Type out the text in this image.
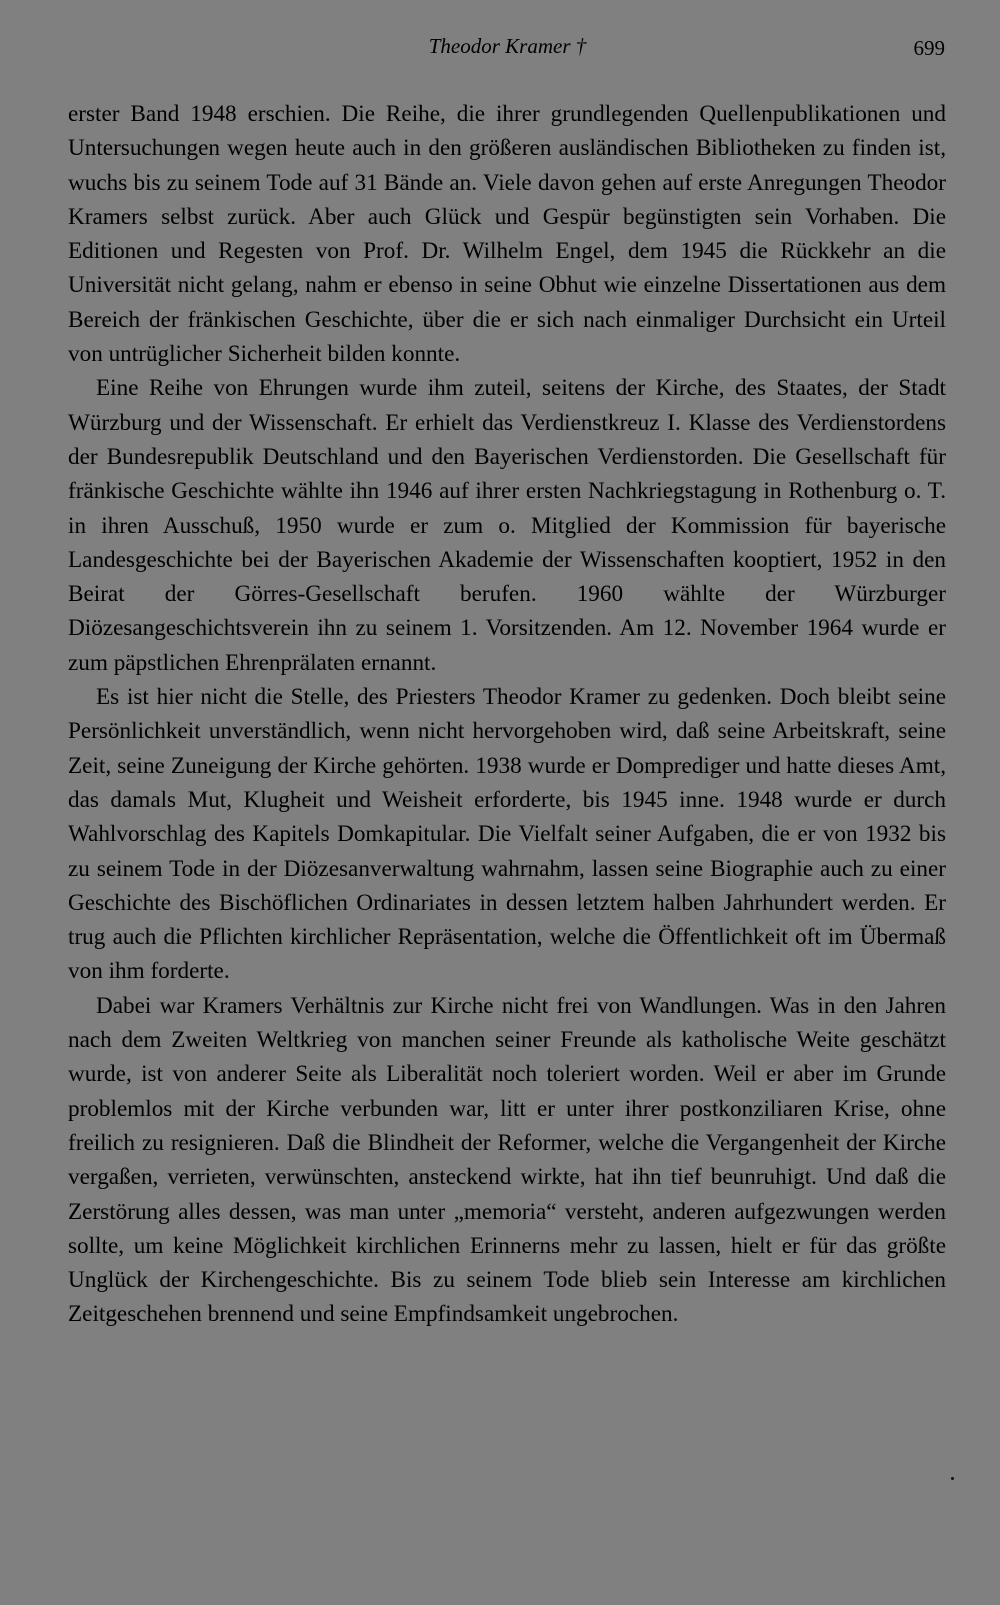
Theodor Kramer †	699

erster Band 1948 erschien. Die Reihe, die ihrer grundlegenden Quellenpublikationen und Untersuchungen wegen heute auch in den größeren ausländischen Bibliotheken zu finden ist, wuchs bis zu seinem Tode auf 31 Bände an. Viele davon gehen auf erste Anregungen Theodor Kramers selbst zurück. Aber auch Glück und Gespür begünstigten sein Vorhaben. Die Editionen und Regesten von Prof. Dr. Wilhelm Engel, dem 1945 die Rückkehr an die Universität nicht gelang, nahm er ebenso in seine Obhut wie einzelne Dissertationen aus dem Bereich der fränkischen Geschichte, über die er sich nach einmaliger Durchsicht ein Urteil von untrüglicher Sicherheit bilden konnte.

Eine Reihe von Ehrungen wurde ihm zuteil, seitens der Kirche, des Staates, der Stadt Würzburg und der Wissenschaft. Er erhielt das Verdienstkreuz I. Klasse des Verdienstordens der Bundesrepublik Deutschland und den Bayerischen Verdienstorden. Die Gesellschaft für fränkische Geschichte wählte ihn 1946 auf ihrer ersten Nachkriegstagung in Rothenburg o. T. in ihren Ausschuß, 1950 wurde er zum o. Mitglied der Kommission für bayerische Landesgeschichte bei der Bayerischen Akademie der Wissenschaften kooptiert, 1952 in den Beirat der Görres-Gesellschaft berufen. 1960 wählte der Würzburger Diözesangeschichtsverein ihn zu seinem 1. Vorsitzenden. Am 12. November 1964 wurde er zum päpstlichen Ehrenprälaten ernannt.

Es ist hier nicht die Stelle, des Priesters Theodor Kramer zu gedenken. Doch bleibt seine Persönlichkeit unverständlich, wenn nicht hervorgehoben wird, daß seine Arbeitskraft, seine Zeit, seine Zuneigung der Kirche gehörten. 1938 wurde er Domprediger und hatte dieses Amt, das damals Mut, Klugheit und Weisheit erforderte, bis 1945 inne. 1948 wurde er durch Wahlvorschlag des Kapitels Domkapitular. Die Vielfalt seiner Aufgaben, die er von 1932 bis zu seinem Tode in der Diözesanverwaltung wahrnahm, lassen seine Biographie auch zu einer Geschichte des Bischöflichen Ordinariates in dessen letztem halben Jahrhundert werden. Er trug auch die Pflichten kirchlicher Repräsentation, welche die Öffentlichkeit oft im Übermaß von ihm forderte.

Dabei war Kramers Verhältnis zur Kirche nicht frei von Wandlungen. Was in den Jahren nach dem Zweiten Weltkrieg von manchen seiner Freunde als katholische Weite geschätzt wurde, ist von anderer Seite als Liberalität noch toleriert worden. Weil er aber im Grunde problemlos mit der Kirche verbunden war, litt er unter ihrer postkonziliaren Krise, ohne freilich zu resignieren. Daß die Blindheit der Reformer, welche die Vergangenheit der Kirche vergaßen, verrieten, verwünschten, ansteckend wirkte, hat ihn tief beunruhigt. Und daß die Zerstörung alles dessen, was man unter „memoria“ versteht, anderen aufgezwungen werden sollte, um keine Möglichkeit kirchlichen Erinnerns mehr zu lassen, hielt er für das größte Unglück der Kirchengeschichte. Bis zu seinem Tode blieb sein Interesse am kirchlichen Zeitgeschehen brennend und seine Empfindsamkeit ungebrochen.
